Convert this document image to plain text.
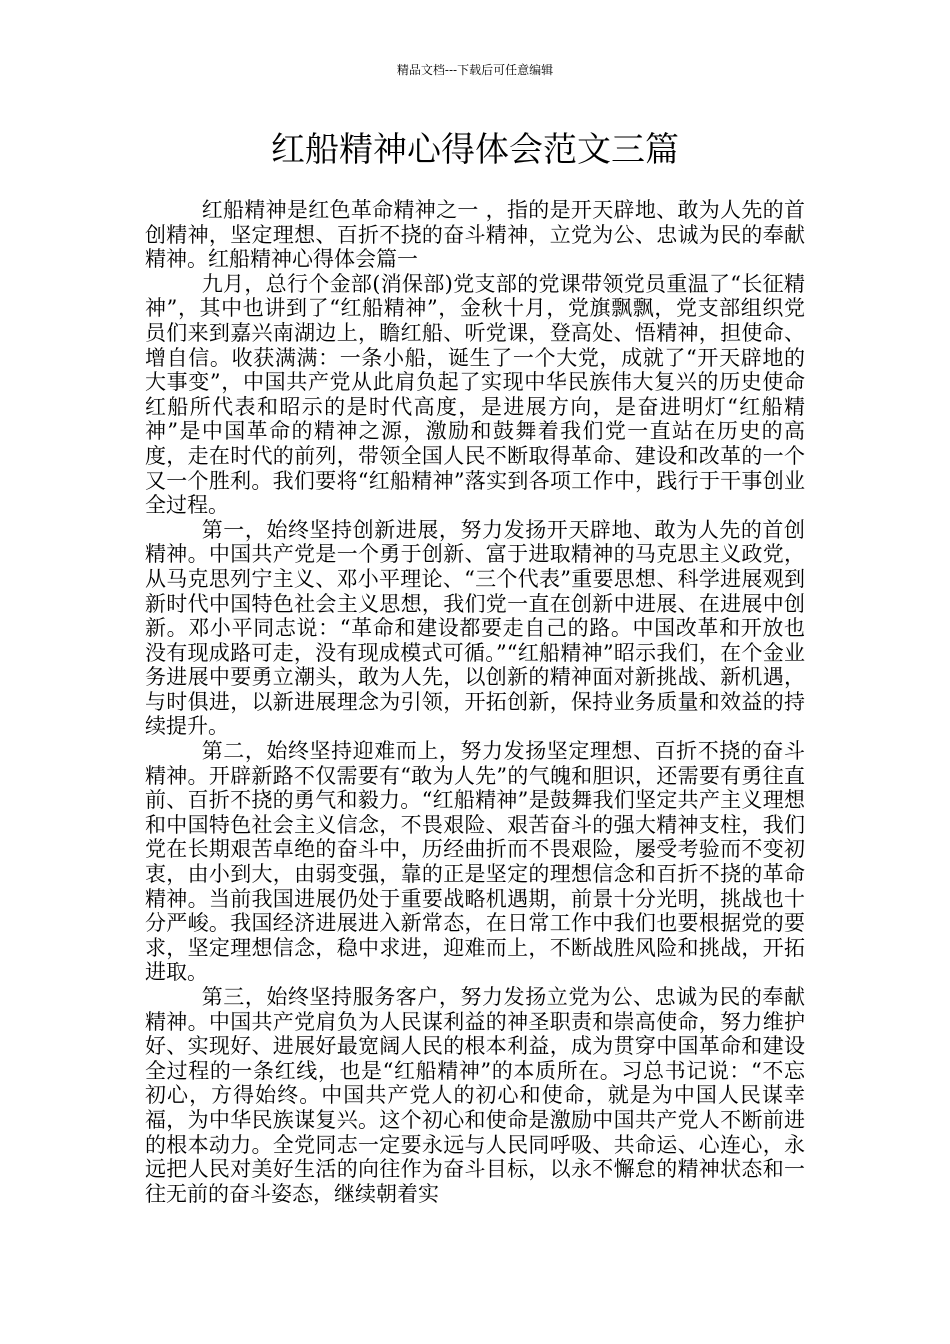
精品文档---下载后可任意编辑
红船精神心得体会范文三篇

红船精神是红色革命精神之一 ，指的是开天辟地、敢为人先的首创精神，坚定理想、百折不挠的奋斗精神，立党为公、忠诚为民的奉献精神。红船精神心得体会篇一

九月，总行个金部(消保部)党支部的党课带领党员重温了“长征精神”，其中也讲到了“红船精神”，金秋十月，党旗飘飘，党支部组织党员们来到嘉兴南湖边上，瞻红船、听党课，登高处、悟精神，担使命、增自信。收获满满：一条小船，诞生了一个大党，成就了“开天辟地的大事变”，中国共产党从此肩负起了实现中华民族伟大复兴的历史使命红船所代表和昭示的是时代高度，是进展方向，是奋进明灯“红船精神”是中国革命的精神之源，激励和鼓舞着我们党一直站在历史的高度，走在时代的前列，带领全国人民不断取得革命、建设和改革的一个又一个胜利。我们要将“红船精神”落实到各项工作中，践行于干事创业全过程。

第一，始终坚持创新进展，努力发扬开天辟地、敢为人先的首创精神。中国共产党是一个勇于创新、富于进取精神的马克思主义政党，从马克思列宁主义、邓小平理论、“三个代表”重要思想、科学进展观到新时代中国特色社会主义思想，我们党一直在创新中进展、在进展中创新。邓小平同志说：“革命和建设都要走自己的路。中国改革和开放也没有现成路可走，没有现成模式可循。”“红船精神”昭示我们，在个金业务进展中要勇立潮头，敢为人先，以创新的精神面对新挑战、新机遇，与时俱进，以新进展理念为引领，开拓创新，保持业务质量和效益的持续提升。

第二，始终坚持迎难而上，努力发扬坚定理想、百折不挠的奋斗精神。开辟新路不仅需要有“敢为人先”的气魄和胆识，还需要有勇往直前、百折不挠的勇气和毅力。“红船精神”是鼓舞我们坚定共产主义理想和中国特色社会主义信念，不畏艰险、艰苦奋斗的强大精神支柱，我们党在长期艰苦卓绝的奋斗中，历经曲折而不畏艰险，屡受考验而不变初衷，由小到大，由弱变强，靠的正是坚定的理想信念和百折不挠的革命精神。当前我国进展仍处于重要战略机遇期，前景十分光明，挑战也十分严峻。我国经济进展进入新常态，在日常工作中我们也要根据党的要求，坚定理想信念，稳中求进，迎难而上，不断战胜风险和挑战，开拓进取。

第三，始终坚持服务客户，努力发扬立党为公、忠诚为民的奉献精神。中国共产党肩负为人民谋利益的神圣职责和崇高使命，努力维护好、实现好、进展好最宽阔人民的根本利益，成为贯穿中国革命和建设全过程的一条红线，也是“红船精神”的本质所在。习总书记说：“不忘初心，方得始终。中国共产党人的初心和使命，就是为中国人民谋幸福，为中华民族谋复兴。这个初心和使命是激励中国共产党人不断前进的根本动力。全党同志一定要永远与人民同呼吸、共命运、心连心，永远把人民对美好生活的向往作为奋斗目标，以永不懈怠的精神状态和一往无前的奋斗姿态，继续朝着实
